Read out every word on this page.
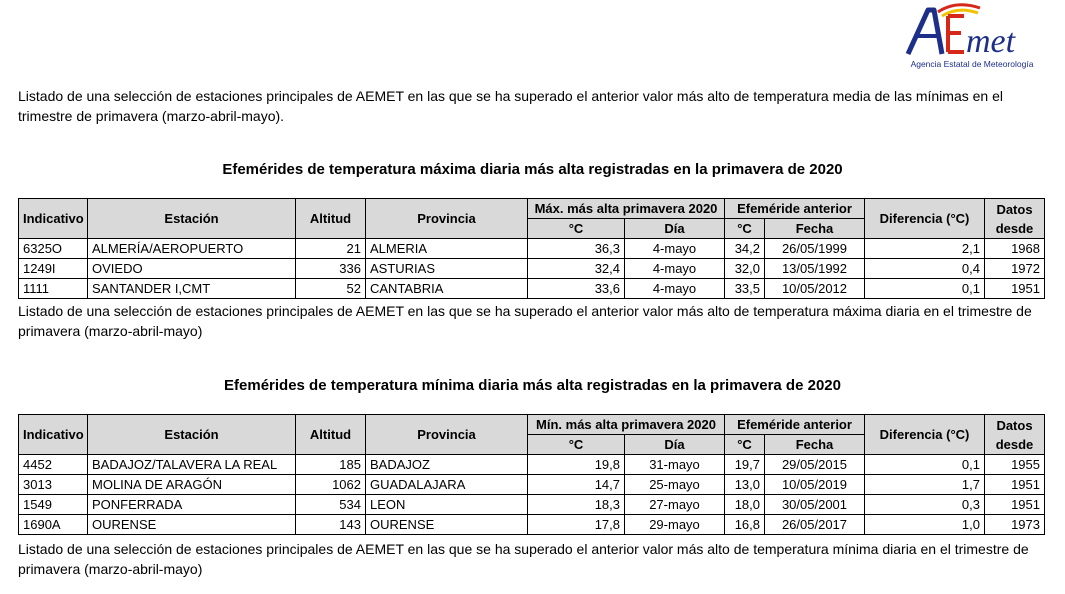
met
Agencia Estatal de Meteorología

Listado de una selección de estaciones principales de AEMET en las que se ha superado el anterior valor más alto de temperatura media de las mínimas en el trimestre de primavera (marzo-abril-mayo).

Efemérides de temperatura máxima diaria más alta registradas en la primavera de 2020
Indicativo	Estación	Altitud	Provincia	Máx. más alta primavera 2020		Efeméride anterior		Diferencia (°C)	Datos
desde
				°C	Día	°C	Fecha		
6325O	ALMERÍA/AEROPUERTO	21	ALMERIA	36,3	4-mayo	34,2	26/05/1999	2,1	1968
1249I	OVIEDO	336	ASTURIAS	32,4	4-mayo	32,0	13/05/1992	0,4	1972
1111	SANTANDER I,CMT	52	CANTABRIA	33,6	4-mayo	33,5	10/05/2012	0,1	1951

Listado de una selección de estaciones principales de AEMET en las que se ha superado el anterior valor más alto de temperatura máxima diaria en el trimestre de primavera (marzo-abril-mayo)

Efemérides de temperatura mínima diaria más alta registradas en la primavera de 2020
Indicativo	Estación	Altitud	Provincia	Mín. más alta primavera 2020		Efeméride anterior		Diferencia (°C)	Datos
desde
				°C	Día	°C	Fecha		
4452	BADAJOZ/TALAVERA LA REAL	185	BADAJOZ	19,8	31-mayo	19,7	29/05/2015	0,1	1955
3013	MOLINA DE ARAGÓN	1062	GUADALAJARA	14,7	25-mayo	13,0	10/05/2019	1,7	1951
1549	PONFERRADA	534	LEON	18,3	27-mayo	18,0	30/05/2001	0,3	1951
1690A	OURENSE	143	OURENSE	17,8	29-mayo	16,8	26/05/2017	1,0	1973

Listado de una selección de estaciones principales de AEMET en las que se ha superado el anterior valor más alto de temperatura mínima diaria en el trimestre de primavera (marzo-abril-mayo)
